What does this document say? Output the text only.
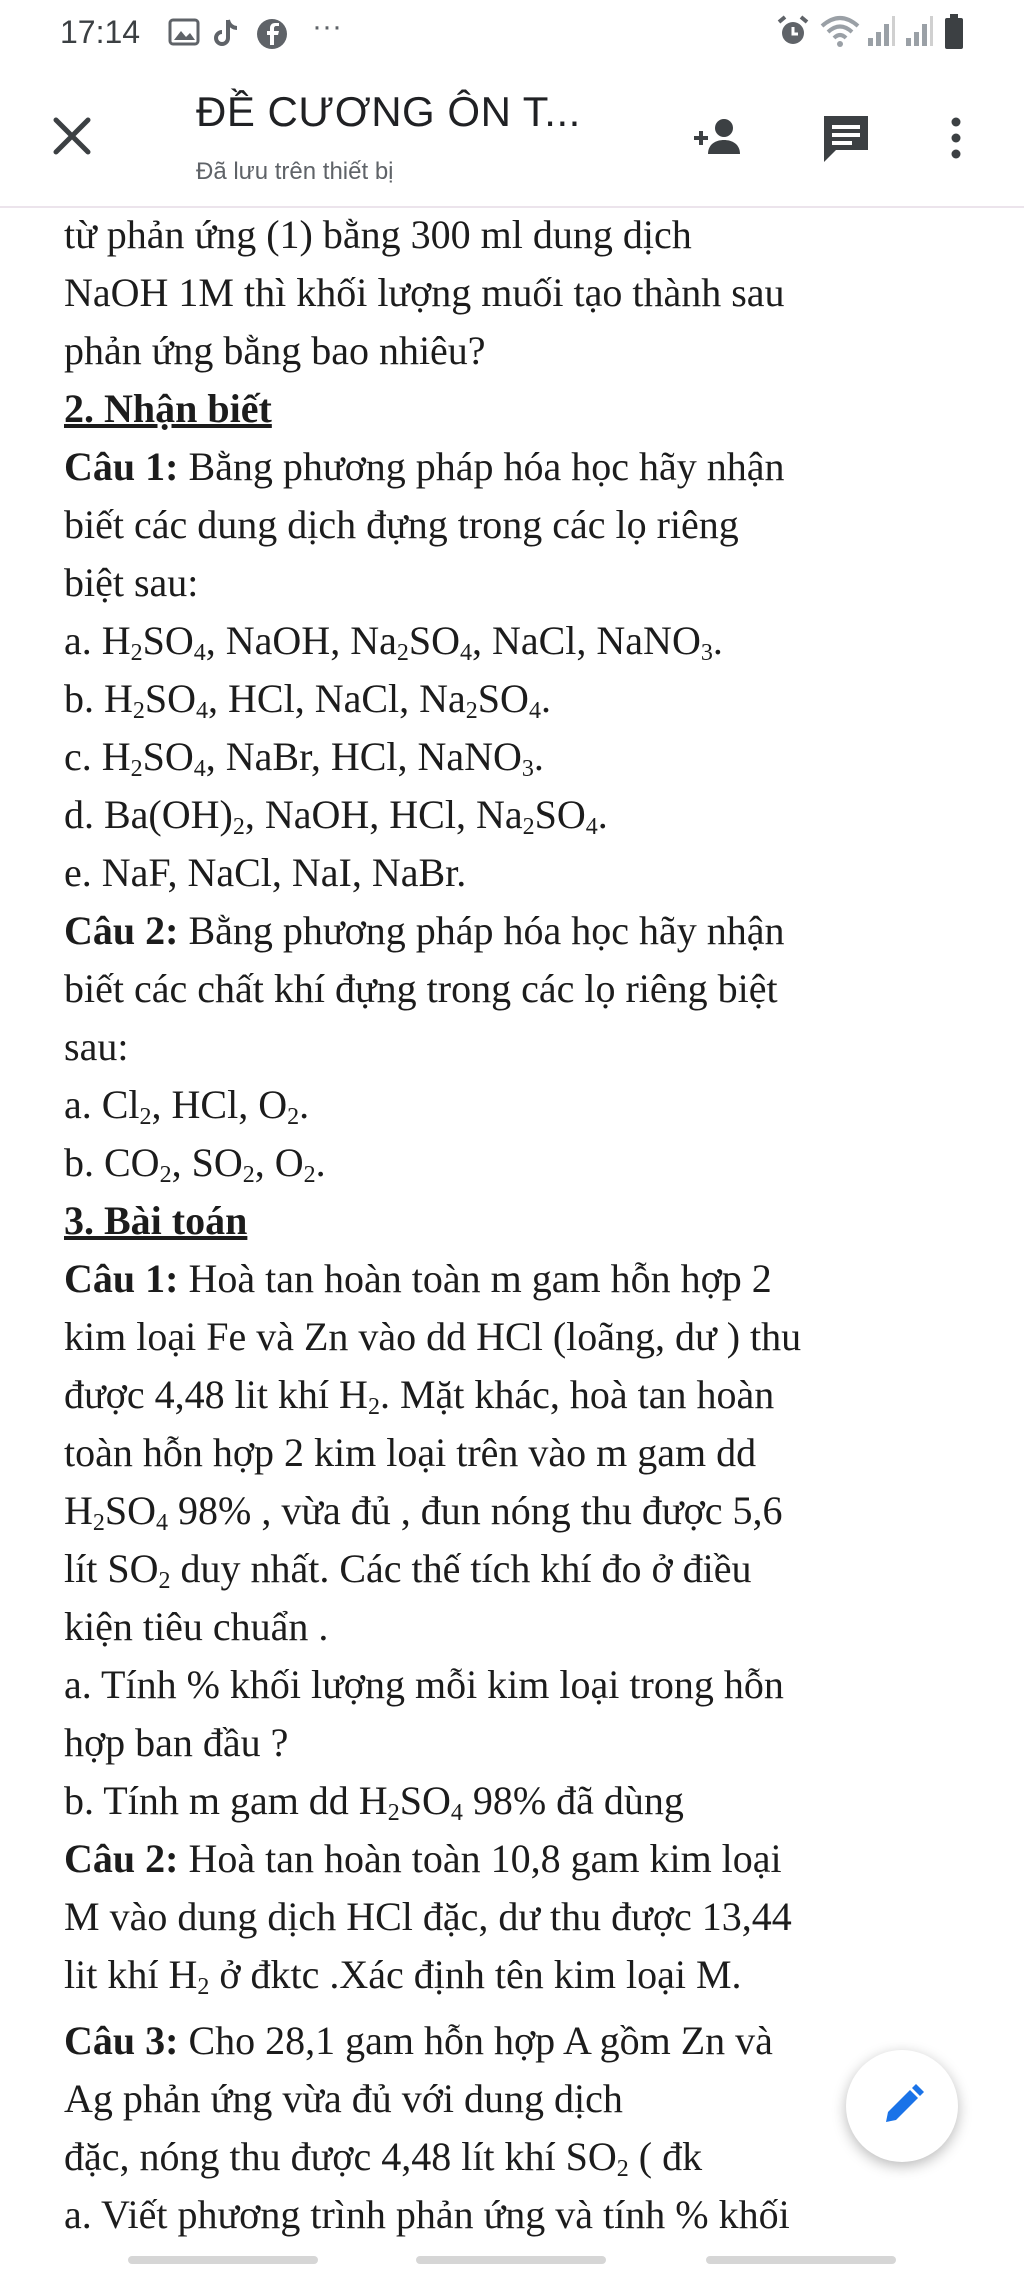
17:14	···
ĐỀ CƯƠNG ÔN T...
Đã lưu trên thiết bị
từ phản ứng (1) bằng 300 ml dung dịch
NaOH 1M thì khối lượng muối tạo thành sau
phản ứng bằng bao nhiêu?
2. Nhận biết
Câu 1: Bằng phương pháp hóa học hãy nhận
biết các dung dịch đựng trong các lọ riêng
biệt sau:
a. $H_2SO_4$, NaOH, $Na_2SO_4$, NaCl, NaNO$_3$.
b. $H_2SO_4$, HCl, NaCl, $Na_2SO_4$.
c. $H_2SO_4$, NaBr, HCl, NaNO$_3$.
d. $Ba(OH)_2$, NaOH, HCl, $Na_2SO_4$.
e. NaF, NaCl, NaI, NaBr.
Câu 2: Bằng phương pháp hóa học hãy nhận
biết các chất khí đựng trong các lọ riêng biệt
sau:
a. $Cl_2$, HCl, $O_2$.
b. $CO_2$, $SO_2$, $O_2$.
3. Bài toán
Câu 1: Hoà tan hoàn toàn m gam hỗn hợp 2
kim loại Fe và Zn vào dd HCl (loãng, dư ) thu
được 4,48 lit khí $H_2$. Mặt khác, hoà tan hoàn
toàn hỗn hợp 2 kim loại trên vào m gam dd
$H_2SO_4$ 98% , vừa đủ , đun nóng thu được 5,6
lít $SO_2$ duy nhất. Các thế tích khí đo ở điều
kiện tiêu chuẩn .
a. Tính % khối lượng mỗi kim loại trong hỗn
hợp ban đầu ?
b. Tính m gam dd $H_2SO_4$ 98% đã dùng
Câu 2: Hoà tan hoàn toàn 10,8 gam kim loại
M vào dung dịch HCl đặc, dư thu được 13,44
lit khí $H_2$ ở đktc .Xác định tên kim loại M.
Câu 3: Cho 28,1 gam hỗn hợp A gồm Zn và
Ag phản ứng vừa đủ với dung dịch
đặc, nóng thu được 4,48 lít khí $SO_2$ ( đk
a. Viết phương trình phản ứng và tính % khối
